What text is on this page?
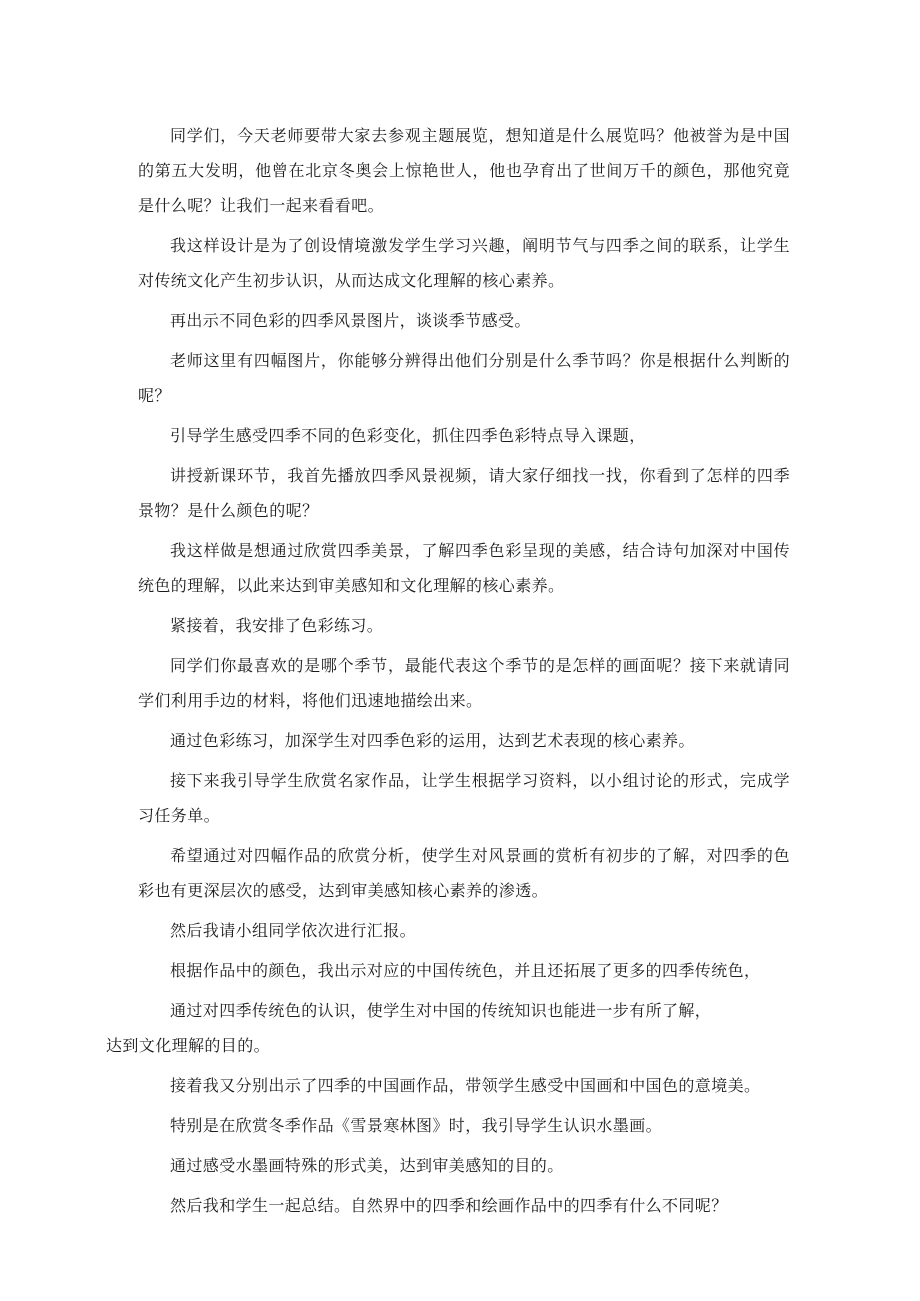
同学们，今天老师要带大家去参观主题展览，想知道是什么展览吗？他被誉为是中国的第五大发明，他曾在北京冬奥会上惊艳世人，他也孕育出了世间万千的颜色，那他究竟是什么呢？让我们一起来看看吧。

我这样设计是为了创设情境激发学生学习兴趣，阐明节气与四季之间的联系，让学生对传统文化产生初步认识，从而达成文化理解的核心素养。

再出示不同色彩的四季风景图片，谈谈季节感受。

老师这里有四幅图片，你能够分辨得出他们分别是什么季节吗？你是根据什么判断的呢？

引导学生感受四季不同的色彩变化，抓住四季色彩特点导入课题，

讲授新课环节，我首先播放四季风景视频，请大家仔细找一找，你看到了怎样的四季景物？是什么颜色的呢？

我这样做是想通过欣赏四季美景，了解四季色彩呈现的美感，结合诗句加深对中国传统色的理解，以此来达到审美感知和文化理解的核心素养。

紧接着，我安排了色彩练习。

同学们你最喜欢的是哪个季节，最能代表这个季节的是怎样的画面呢？接下来就请同学们利用手边的材料，将他们迅速地描绘出来。

通过色彩练习，加深学生对四季色彩的运用，达到艺术表现的核心素养。

接下来我引导学生欣赏名家作品，让学生根据学习资料，以小组讨论的形式，完成学习任务单。

希望通过对四幅作品的欣赏分析，使学生对风景画的赏析有初步的了解，对四季的色彩也有更深层次的感受，达到审美感知核心素养的渗透。

然后我请小组同学依次进行汇报。

根据作品中的颜色，我出示对应的中国传统色，并且还拓展了更多的四季传统色，

通过对四季传统色的认识，使学生对中国的传统知识也能进一步有所了解，
达到文化理解的目的。

接着我又分别出示了四季的中国画作品，带领学生感受中国画和中国色的意境美。

特别是在欣赏冬季作品《雪景寒林图》时，我引导学生认识水墨画。

通过感受水墨画特殊的形式美，达到审美感知的目的。

然后我和学生一起总结。自然界中的四季和绘画作品中的四季有什么不同呢？
